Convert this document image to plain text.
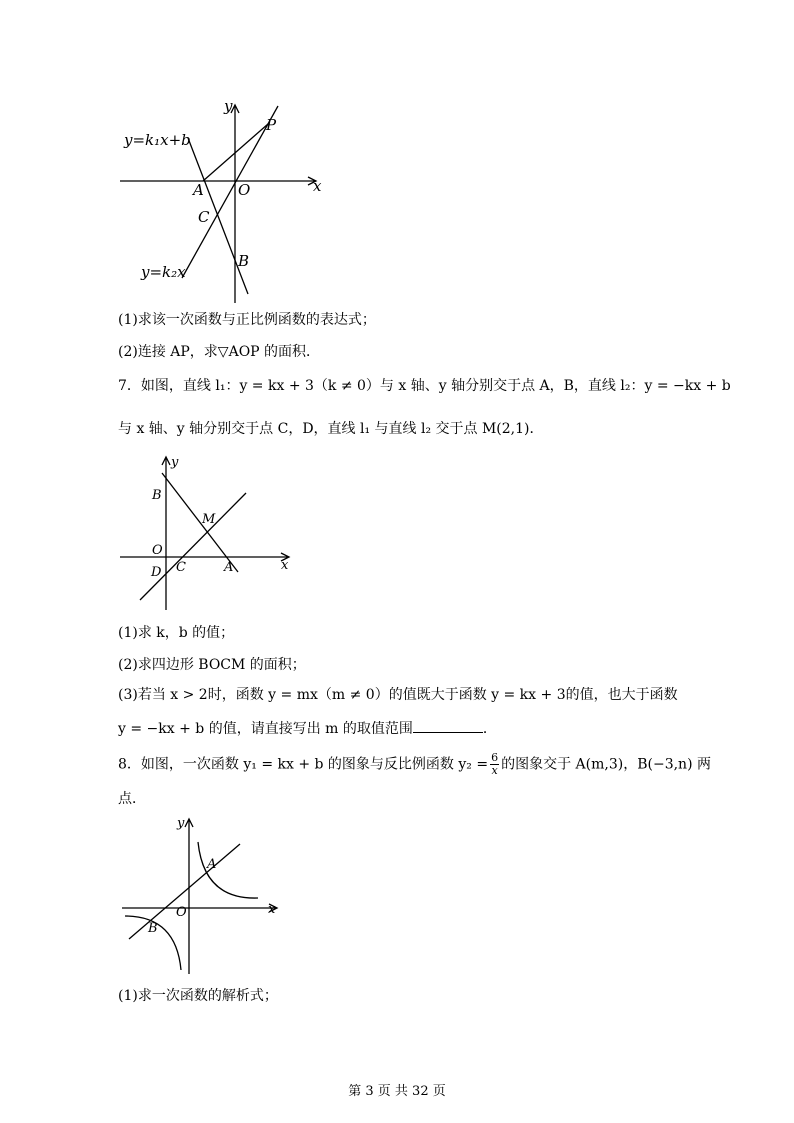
y=k₁x+b
y=k₂x
y
x
P
A O
C
B
(1)求该一次函数与正比例函数的表达式；
(2)连接 AP，求▽AOP 的面积．
7．如图，直线 l₁：y = kx + 3（k ≠ 0）与 x 轴、y 轴分别交于点 A，B，直线 l₂：y = −kx + b
与 x 轴、y 轴分别交于点 C，D，直线 l₁ 与直线 l₂ 交于点 M(2,1)．
y
x
B
M
O
D C	A
(1)求 k，b 的值；
(2)求四边形 BOCM 的面积；
(3)若当 x > 2时，函数 y = mx（m ≠ 0）的值既大于函数 y = kx + 3的值，也大于函数
y = −kx + b 的值，请直接写出 m 的取值范围	．
8．如图，一次函数 y₁ = kx + b 的图象与反比例函数 $y_2 = \frac{6}{x}$ 的图象交于 A(m,3)，B(−3,n) 两
点．
y
x
A
O
B
(1)求一次函数的解析式；
第 3 页 共 32 页
